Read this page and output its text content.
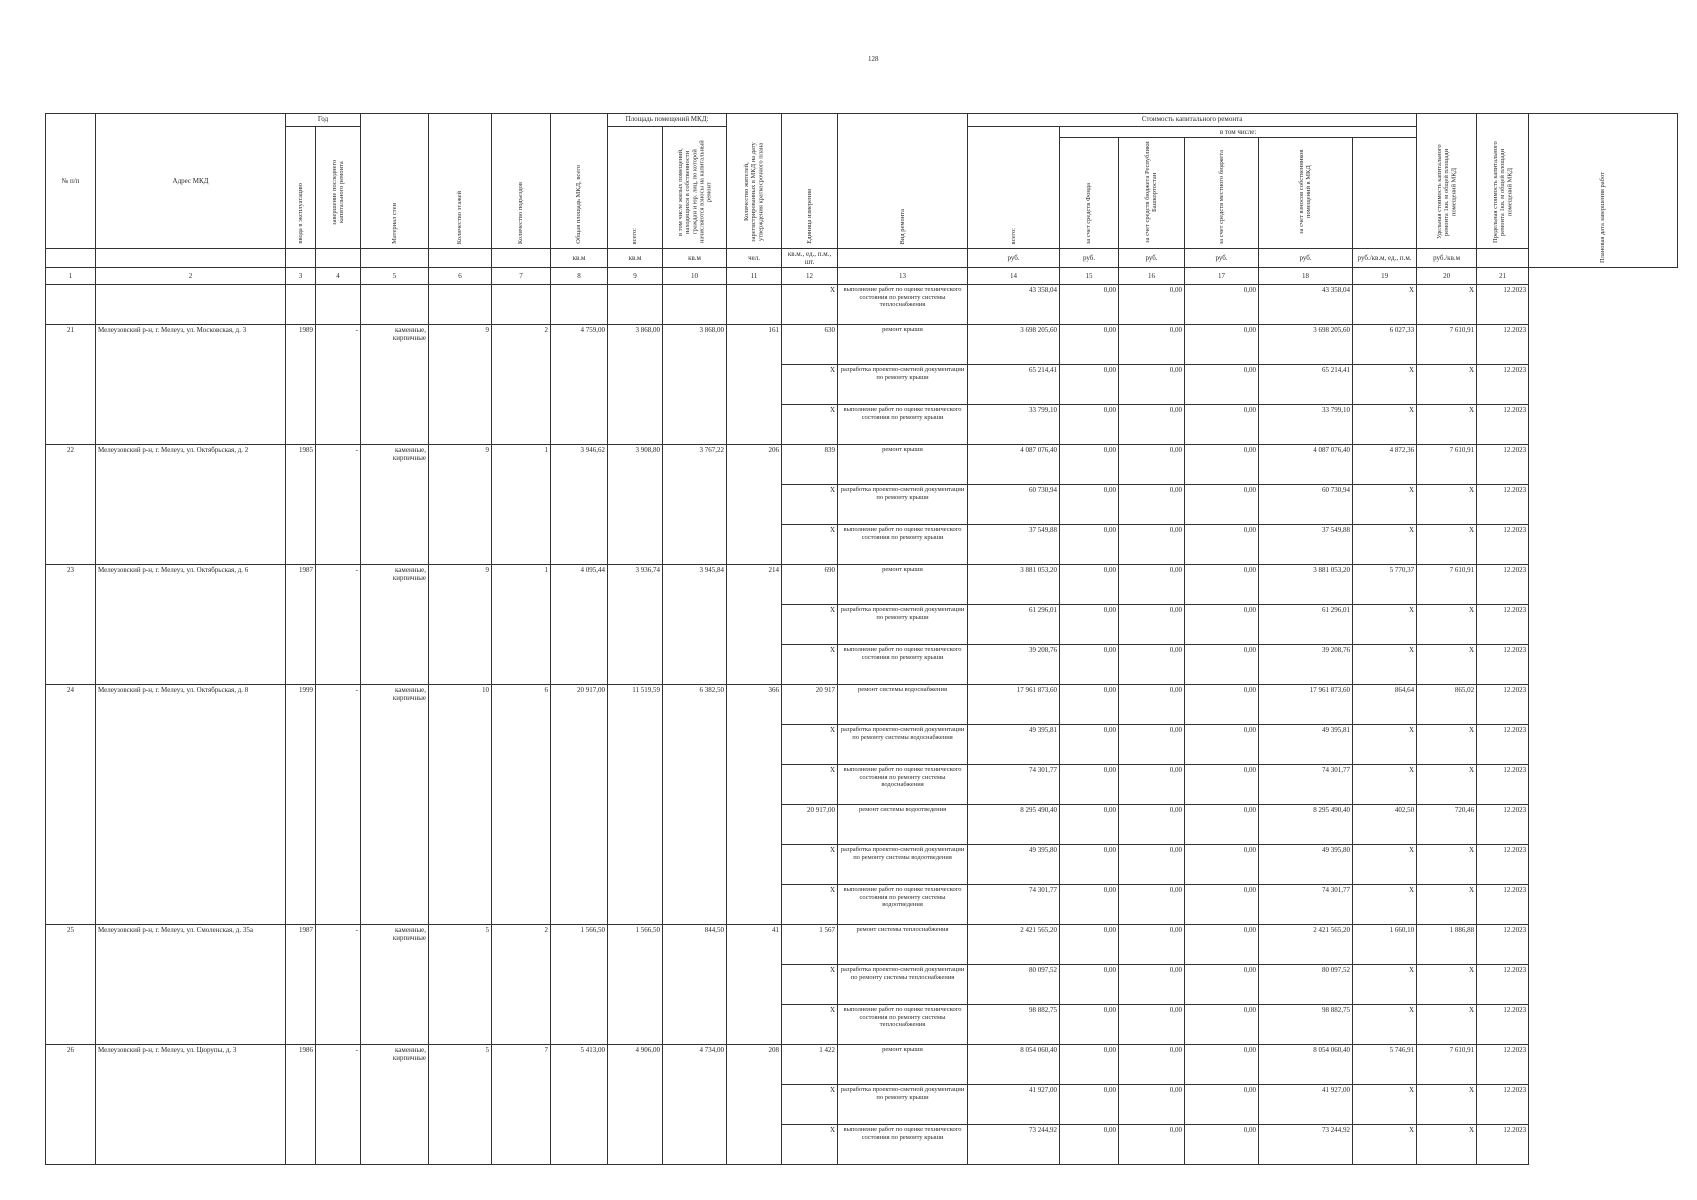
128
№ п/п	Адрес МКД	Год		Материал стен	Количество этажей	Количество подъездов	Общая площадь МКД, всего	Площадь помещений МКД:		Количество жителей, зарегистрированных в МКД на дату утверждения краткосрочного плана	Единица измерения	Вид ремонта	Стоимость капитального ремонта						Удельная стоимость капитального ремонта 1кв. м общей площади помещений МКД	Предельная стоимость капитального ремонта 1кв. м общей площади помещений МКД	Плановая дата завершения работ
		ввода в эксплуатацию	завершение последнего капитального ремонта					всего:	в том числе жилых помещений, находящихся в собственности граждан и юр. лиц, по которой начисляются взносы на капитальный ремонт				всего:	в том числе:							
														за счет средств Фонда	за счет средств бюджета Республики Башкортостан	за счет средств местного бюджета	за счет взносов собственников помещений в МКД				
							кв.м	кв.м	кв.м	чел.	кв.м., ед., п.м., шт.		руб.	руб.	руб.	руб.	руб.	руб./кв.м, ед., п.м.	руб./кв.м		
1	2	3	4	5	6	7	8	9	10	11	12	13	14	15	16	17	18	19	20	21	
											X	выполнение работ по оценке технического состояния по ремонту системы теплоснабжения	43 358,04	0,00	0,00	0,00	43 358,04	X	X	12.2023	
21	Мелеузовский р-н, г. Мелеуз, ул. Московская, д. 3	1989	-	каменные, кирпичные	9	2	4 759,00	3 868,00	3 868,00	161	630	ремонт крыши	3 698 205,60	0,00	0,00	0,00	3 698 205,60	6 027,33	7 610,91	12.2023	
											X	разработка проектно-сметной документации по ремонту крыши	65 214,41	0,00	0,00	0,00	65 214,41	X	X	12.2023	
											X	выполнение работ по оценке технического состояния по ремонту крыши	33 799,10	0,00	0,00	0,00	33 799,10	X	X	12.2023	
22	Мелеузовский р-н, г. Мелеуз, ул. Октябрьская, д. 2	1985	-	каменные, кирпичные	9	1	3 946,62	3 908,80	3 767,22	206	839	ремонт крыши	4 087 076,40	0,00	0,00	0,00	4 087 076,40	4 872,36	7 610,91	12.2023	
											X	разработка проектно-сметной документации по ремонту крыши	60 730,94	0,00	0,00	0,00	60 730,94	X	X	12.2023	
											X	выполнение работ по оценке технического состояния по ремонту крыши	37 549,88	0,00	0,00	0,00	37 549,88	X	X	12.2023	
23	Мелеузовский р-н, г. Мелеуз, ул. Октябрьская, д. 6	1987	-	каменные, кирпичные	9	1	4 095,44	3 936,74	3 945,84	214	690	ремонт крыши	3 881 053,20	0,00	0,00	0,00	3 881 053,20	5 770,37	7 610,91	12.2023	
											X	разработка проектно-сметной документации по ремонту крыши	61 296,01	0,00	0,00	0,00	61 296,01	X	X	12.2023	
											X	выполнение работ по оценке технического состояния по ремонту крыши	39 208,76	0,00	0,00	0,00	39 208,76	X	X	12.2023	
24	Мелеузовский р-н, г. Мелеуз, ул. Октябрьская, д. 8	1999	-	каменные, кирпичные	10	6	20 917,00	11 519,59	6 382,50	366	20 917	ремонт системы водоснабжения	17 961 873,60	0,00	0,00	0,00	17 961 873,60	864,64	865,02	12.2023	
											X	разработка проектно-сметной документации по ремонту системы водоснабжения	49 395,81	0,00	0,00	0,00	49 395,81	X	X	12.2023	
											X	выполнение работ по оценке технического состояния по ремонту системы водоснабжения	74 301,77	0,00	0,00	0,00	74 301,77	X	X	12.2023	
											20 917,00	ремонт системы водоотведения	8 295 490,40	0,00	0,00	0,00	8 295 490,40	402,50	720,46	12.2023	
											X	разработка проектно-сметной документации по ремонту системы водоотведения	49 395,80	0,00	0,00	0,00	49 395,80	X	X	12.2023	
											X	выполнение работ по оценке технического состояния по ремонту системы водоотведения	74 301,77	0,00	0,00	0,00	74 301,77	X	X	12.2023	
25	Мелеузовский р-н, г. Мелеуз, ул. Смоленская, д. 35а	1987	-	каменные, кирпичные	5	2	1 566,50	1 566,50	844,50	41	1 567	ремонт системы теплоснабжения	2 421 565,20	0,00	0,00	0,00	2 421 565,20	1 660,10	1 886,88	12.2023	
											X	разработка проектно-сметной документации по ремонту системы теплоснабжения	80 097,52	0,00	0,00	0,00	80 097,52	X	X	12.2023	
											X	выполнение работ по оценке технического состояния по ремонту системы теплоснабжения	98 882,75	0,00	0,00	0,00	98 882,75	X	X	12.2023	
26	Мелеузовский р-н, г. Мелеуз, ул. Цюрупы, д. 3	1986	-	каменные, кирпичные	5	7	5 413,00	4 906,00	4 734,00	208	1 422	ремонт крыши	8 054 060,40	0,00	0,00	0,00	8 054 060,40	5 746,91	7 610,91	12.2023	
											X	разработка проектно-сметной документации по ремонту крыши	41 927,00	0,00	0,00	0,00	41 927,00	X	X	12.2023	
											X	выполнение работ по оценке технического состояния по ремонту крыши	73 244,92	0,00	0,00	0,00	73 244,92	X	X	12.2023	
